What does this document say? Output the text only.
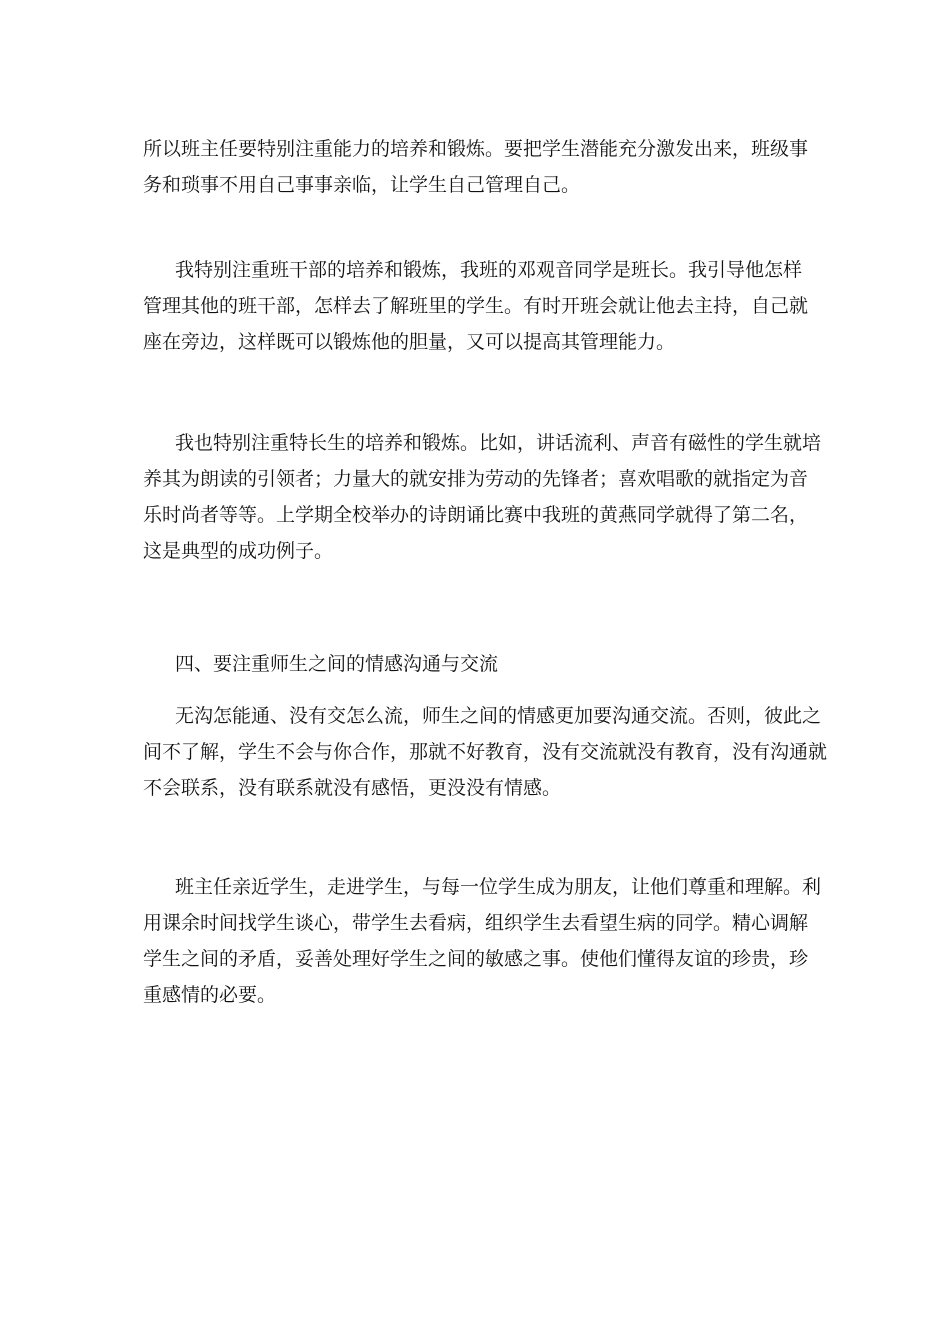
所以班主任要特别注重能力的培养和锻炼。要把学生潜能充分激发出来，班级事
务和琐事不用自己事事亲临，让学生自己管理自己。
我特别注重班干部的培养和锻炼，我班的邓观音同学是班长。我引导他怎样
管理其他的班干部，怎样去了解班里的学生。有时开班会就让他去主持，自己就
座在旁边，这样既可以锻炼他的胆量，又可以提高其管理能力。
我也特别注重特长生的培养和锻炼。比如，讲话流利、声音有磁性的学生就培
养其为朗读的引领者；力量大的就安排为劳动的先锋者；喜欢唱歌的就指定为音
乐时尚者等等。上学期全校举办的诗朗诵比赛中我班的黄燕同学就得了第二名，
这是典型的成功例子。
四、要注重师生之间的情感沟通与交流
无沟怎能通、没有交怎么流，师生之间的情感更加要沟通交流。否则，彼此之
间不了解，学生不会与你合作，那就不好教育，没有交流就没有教育，没有沟通就
不会联系，没有联系就没有感悟，更没没有情感。
班主任亲近学生，走进学生，与每一位学生成为朋友，让他们尊重和理解。利
用课余时间找学生谈心，带学生去看病，组织学生去看望生病的同学。精心调解
学生之间的矛盾，妥善处理好学生之间的敏感之事。使他们懂得友谊的珍贵，珍
重感情的必要。
